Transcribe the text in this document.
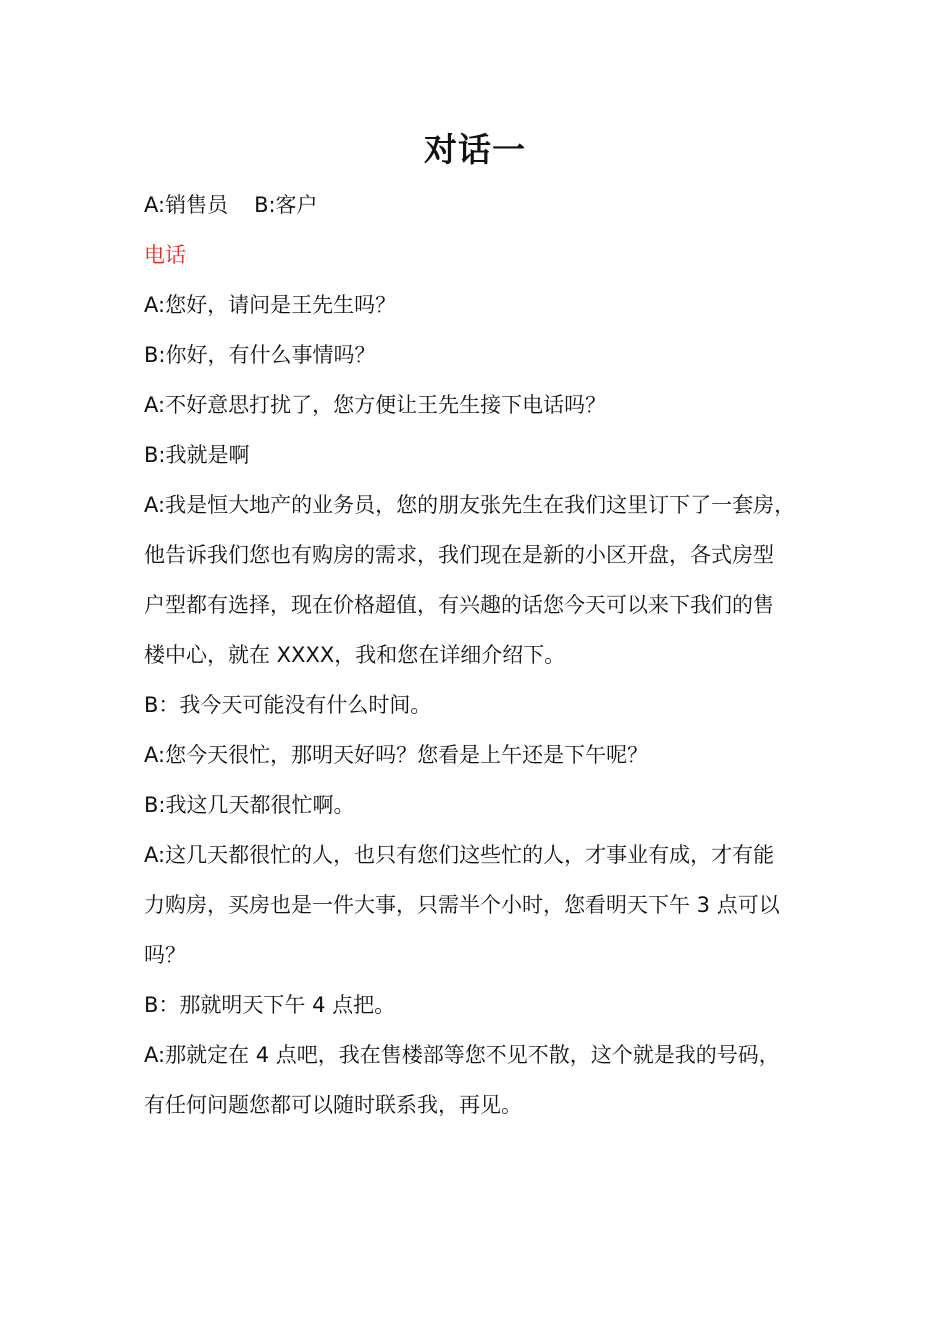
对话一
A:销售员 B:客户
电话
A:您好，请问是王先生吗？
B:你好，有什么事情吗？
A:不好意思打扰了，您方便让王先生接下电话吗？
B:我就是啊
A:我是恒大地产的业务员，您的朋友张先生在我们这里订下了一套房，
他告诉我们您也有购房的需求，我们现在是新的小区开盘，各式房型
户型都有选择，现在价格超值，有兴趣的话您今天可以来下我们的售
楼中心，就在 XXXX，我和您在详细介绍下。
B：我今天可能没有什么时间。
A:您今天很忙，那明天好吗？您看是上午还是下午呢？
B:我这几天都很忙啊。
A:这几天都很忙的人，也只有您们这些忙的人，才事业有成，才有能
力购房，买房也是一件大事，只需半个小时，您看明天下午 3 点可以
吗？
B：那就明天下午 4 点把。
A:那就定在 4 点吧，我在售楼部等您不见不散，这个就是我的号码，
有任何问题您都可以随时联系我，再见。
